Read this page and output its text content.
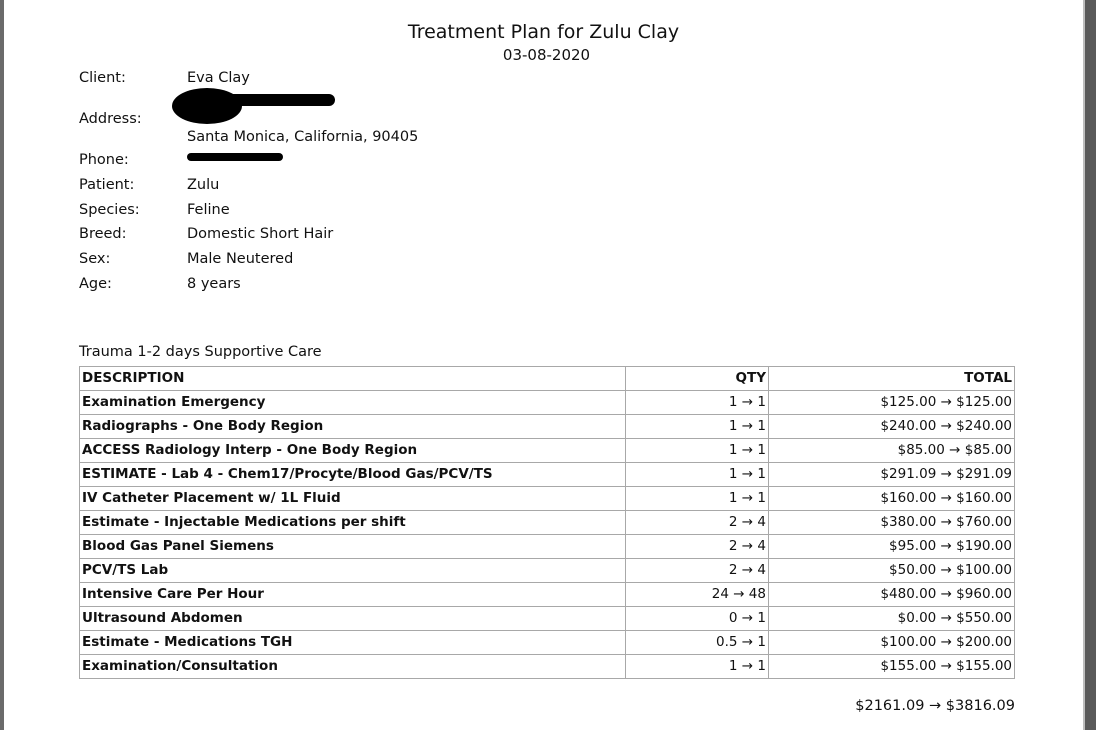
Treatment Plan for Zulu Clay
03-08-2020
Client:	Eva Clay
Address:
Santa Monica, California, 90405
Phone:
Patient:	Zulu
Species:	Feline
Breed:	Domestic Short Hair
Sex:	Male Neutered
Age:	8 years
Trauma 1-2 days Supportive Care
DESCRIPTION	QTY	TOTAL
Examination Emergency	1 → 1	$125.00 → $125.00
Radiographs - One Body Region	1 → 1	$240.00 → $240.00
ACCESS Radiology Interp - One Body Region	1 → 1	$85.00 → $85.00
ESTIMATE - Lab 4 - Chem17/Procyte/Blood Gas/PCV/TS	1 → 1	$291.09 → $291.09
IV Catheter Placement w/ 1L Fluid	1 → 1	$160.00 → $160.00
Estimate - Injectable Medications per shift	2 → 4	$380.00 → $760.00
Blood Gas Panel Siemens	2 → 4	$95.00 → $190.00
PCV/TS Lab	2 → 4	$50.00 → $100.00
Intensive Care Per Hour	24 → 48	$480.00 → $960.00
Ultrasound Abdomen	0 → 1	$0.00 → $550.00
Estimate - Medications TGH	0.5 → 1	$100.00 → $200.00
Examination/Consultation	1 → 1	$155.00 → $155.00
$2161.09 → $3816.09
